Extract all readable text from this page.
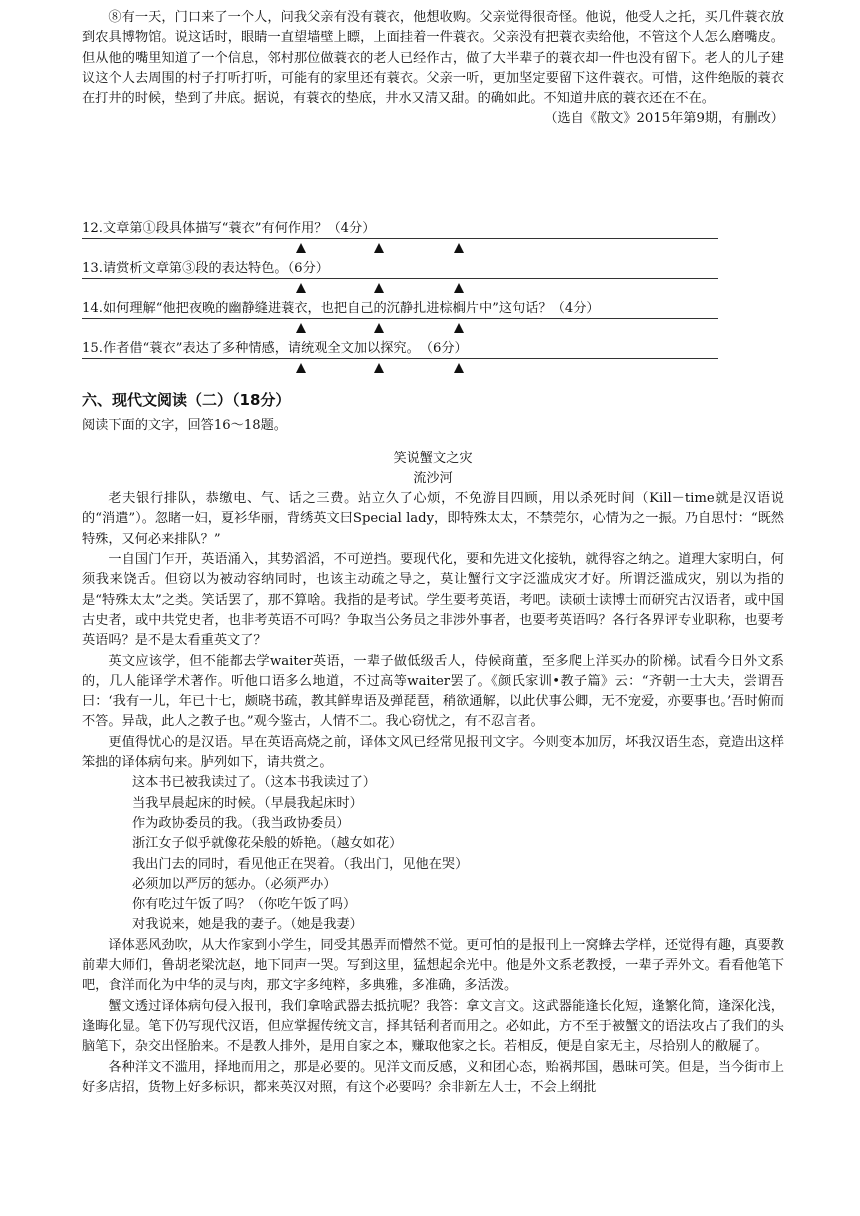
⑧有一天，门口来了一个人，问我父亲有没有蓑衣，他想收购。父亲觉得很奇怪。他说，他受人之托，买几件蓑衣放到农具博物馆。说这话时，眼睛一直望墙壁上瞟，上面挂着一件蓑衣。父亲没有把蓑衣卖给他，不管这个人怎么磨嘴皮。但从他的嘴里知道了一个信息，邻村那位做蓑衣的老人已经作古，做了大半辈子的蓑衣却一件也没有留下。老人的儿子建议这个人去周围的村子打听打听，可能有的家里还有蓑衣。父亲一听，更加坚定要留下这件蓑衣。可惜，这件绝版的蓑衣在打井的时候，垫到了井底。据说，有蓑衣的垫底，井水又清又甜。的确如此。不知道井底的蓑衣还在不在。

（选自《散文》2015年第9期，有删改）

12.文章第①段具体描写“蓑衣”有何作用？（4分）
13.请赏析文章第③段的表达特色。（6分）
14.如何理解“他把夜晚的幽静缝进蓑衣，也把自己的沉静扎进棕榈片中”这句话？（4分）
15.作者借“蓑衣”表达了多种情感，请统观全文加以探究。　（6分）

六、现代文阅读（二）（18分）

阅读下面的文字，回答16～18题。

笑说蟹文之灾

流沙河

老夫银行排队，恭缴电、气、话之三费。站立久了心烦，不免游目四顾，用以杀死时间（Kill－time就是汉语说的“消遣”）。忽睹一妇，夏衫华丽，背绣英文曰Special lady，即特殊太太，不禁莞尔，心情为之一振。乃自思忖：“既然特殊，又何必来排队？”

一自国门乍开，英语涌入，其势滔滔，不可逆挡。要现代化，要和先进文化接轨，就得容之纳之。道理大家明白，何须我来饶舌。但窃以为被动容纳同时，也该主动疏之导之，莫让蟹行文字泛滥成灾才好。所谓泛滥成灾，别以为指的是“特殊太太”之类。笑话罢了，那不算啥。我指的是考试。学生要考英语，考吧。读硕士读博士而研究古汉语者，或中国古史者，或中共党史者，也非考英语不可吗？争取当公务员之非涉外事者，也要考英语吗？各行各界评专业职称，也要考英语吗？是不是太看重英文了？

英文应该学，但不能都去学waiter英语，一辈子做低级舌人，侍候商董，至多爬上洋买办的阶梯。试看今日外文系的，几人能译学术著作。听他口语多么地道，不过高等waiter罢了。《颜氏家训•教子篇》云：“齐朝一士大夫，尝谓吾曰：‘我有一儿，年已十七，颇晓书疏，教其鲜卑语及弹琵琶，稍欲通解，以此伏事公卿，无不宠爱，亦要事也。’吾时俯而不答。异哉，此人之教子也。”观今鉴古，人情不二。我心窃忧之，有不忍言者。

更值得忧心的是汉语。早在英语高烧之前，译体文风已经常见报刊文字。今则变本加厉，坏我汉语生态，竟造出这样笨拙的译体病句来。胪列如下，请共赏之。

这本书已被我读过了。（这本书我读过了）

当我早晨起床的时候。（早晨我起床时）

作为政协委员的我。（我当政协委员）

浙江女子似乎就像花朵般的娇艳。（越女如花）

我出门去的同时，看见他正在哭着。（我出门，见他在哭）

必须加以严厉的惩办。（必须严办）

你有吃过午饭了吗？（你吃午饭了吗）

对我说来，她是我的妻子。（她是我妻）

译体恶风劲吹，从大作家到小学生，同受其愚弄而懵然不觉。更可怕的是报刊上一窝蜂去学样，还觉得有趣，真要教前辈大师们，鲁胡老梁沈赵，地下同声一哭。写到这里，猛想起余光中。他是外文系老教授，一辈子弄外文。看看他笔下吧，食洋而化为中华的灵与肉，那文字多纯粹，多典雅，多准确，多活泼。

蟹文透过译体病句侵入报刊，我们拿啥武器去抵抗呢？我答：拿文言文。这武器能逢长化短，逢繁化简，逢深化浅，逢晦化显。笔下仍写现代汉语，但应掌握传统文言，择其铦利者而用之。必如此，方不至于被蟹文的语法攻占了我们的头脑笔下，杂交出怪胎来。不是教人排外，是用自家之本，赚取他家之长。若相反，便是自家无主，尽拾别人的敝屣了。

各种洋文不滥用，择地而用之，那是必要的。见洋文而反感，义和团心态，贻祸邦国，愚昧可笑。但是，当今街市上好多店招，货物上好多标识，都来英汉对照，有这个必要吗？余非新左人士，不会上纲批
